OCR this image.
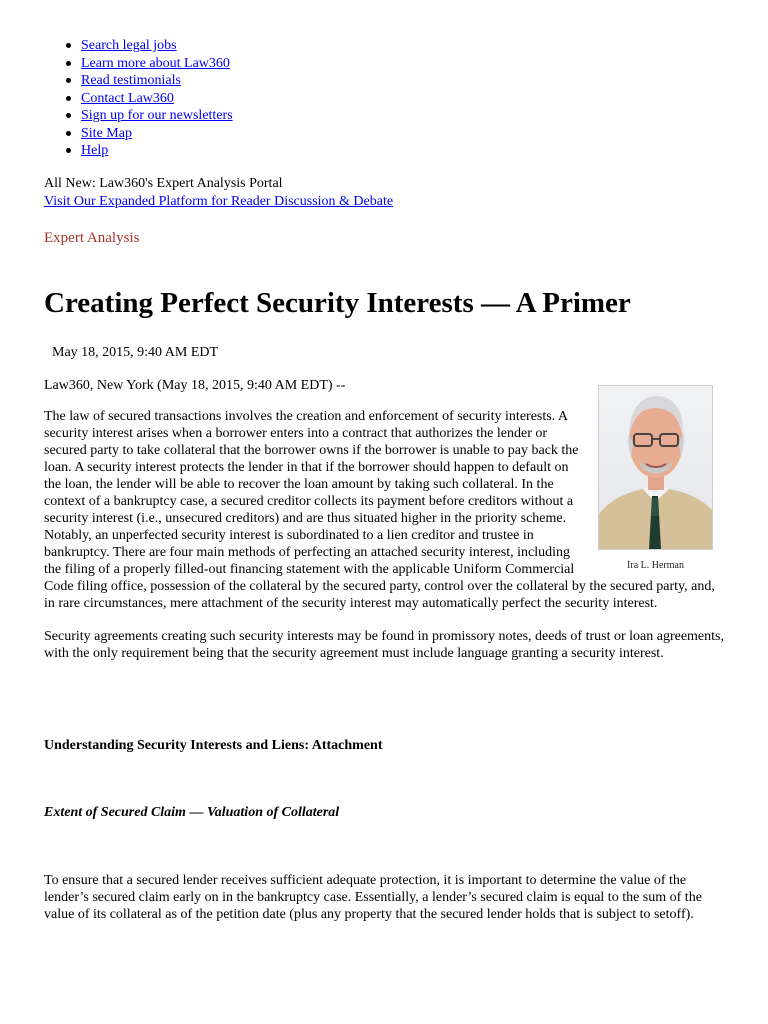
Search legal jobs
Learn more about Law360
Read testimonials
Contact Law360
Sign up for our newsletters
Site Map
Help
All New: Law360's Expert Analysis Portal
Visit Our Expanded Platform for Reader Discussion & Debate
Expert Analysis
Creating Perfect Security Interests — A Primer
May 18, 2015, 9:40 AM EDT
Law360, New York (May 18, 2015, 9:40 AM EDT) --
Ira L. Herman

The law of secured transactions involves the creation and enforcement of security interests. A security interest arises when a borrower enters into a contract that authorizes the lender or secured party to take collateral that the borrower owns if the borrower is unable to pay back the loan. A security interest protects the lender in that if the borrower should happen to default on the loan, the lender will be able to recover the loan amount by taking such collateral. In the context of a bankruptcy case, a secured creditor collects its payment before creditors without a security interest (i.e., unsecured creditors) and are thus situated higher in the priority scheme. Notably, an unperfected security interest is subordinated to a lien creditor and trustee in bankruptcy. There are four main methods of perfecting an attached security interest, including the filing of a properly filled-out financing statement with the applicable Uniform Commercial Code filing office, possession of the collateral by the secured party, control over the collateral by the secured party, and, in rare circumstances, mere attachment of the security interest may automatically perfect the security interest.

Security agreements creating such security interests may be found in promissory notes, deeds of trust or loan agreements, with the only requirement being that the security agreement must include language granting a security interest.

Understanding Security Interests and Liens: Attachment
Extent of Secured Claim — Valuation of Collateral

To ensure that a secured lender receives sufficient adequate protection, it is important to determine the value of the lender’s secured claim early on in the bankruptcy case. Essentially, a lender’s secured claim is equal to the sum of the value of its collateral as of the petition date (plus any property that the secured lender holds that is subject to setoff).
